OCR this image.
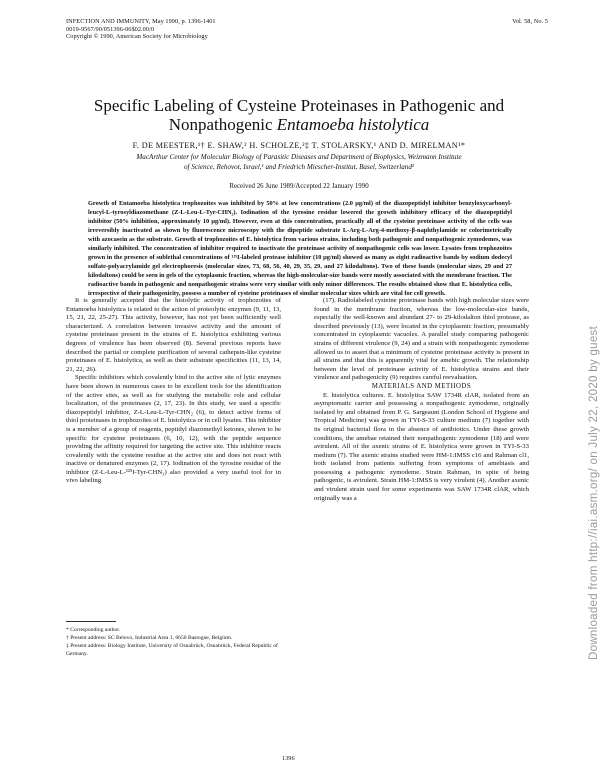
INFECTION AND IMMUNITY, May 1990, p. 1396-1401
0019-9567/90/051396-06$02.00/0
Copyright © 1990, American Society for Microbiology
Vol. 58, No. 5
Specific Labeling of Cysteine Proteinases in Pathogenic and
Nonpathogenic Entamoeba histolytica
F. DE MEESTER,¹† E. SHAW,² H. SCHOLZE,²‡ T. STOLARSKY,¹ AND D. MIRELMAN¹*
MacArthur Center for Molecular Biology of Parasitic Diseases and Department of Biophysics, Weizmann Institute
of Science, Rehovot, Israel,¹ and Friedrich Miescher-Institut, Basel, Switzerland²
Received 26 June 1989/Accepted 22 January 1990
Growth of Entamoeba histolytica trophozoites was inhibited by 50% at low concentrations (2.0 μg/ml) of the diazopeptidyl inhibitor benzyloxycarbonyl-leucyl-L-tyrosyldiazomethane (Z-L-Leu-L-Tyr-CHN₂). Iodination of the tyrosine residue lowered the growth inhibitory efficacy of the diazopeptidyl inhibitor (50% inhibition, approximately 10 μg/ml). However, even at this concentration, practically all of the cysteine proteinase activity of the cells was irreversibly inactivated as shown by fluorescence microscopy with the dipeptide substrate L-Arg-L-Arg-4-methoxy-β-naphthylamide or colorimetrically with azocasein as the substrate. Growth of trophozoites of E. histolytica from various strains, including both pathogenic and nonpathogenic zymodemes, was similarly inhibited. The concentration of inhibitor required to inactivate the proteinase activity of nonpathogenic cells was lower. Lysates from trophozoites grown in the presence of sublethal concentrations of ¹²⁵I-labeled protease inhibitor (10 μg/ml) showed as many as eight radioactive bands by sodium dodecyl sulfate-polyacrylamide gel electrophoresis (molecular sizes, 73, 68, 56, 40, 29, 35, 29, and 27 kilodaltons). Two of these bands (molecular sizes, 29 and 27 kilodaltons) could be seen in gels of the cytoplasmic fraction, whereas the high-molecular-size bands were mostly associated with the membrane fraction. The radioactive bands in pathogenic and nonpathogenic strains were very similar with only minor differences. The results obtained show that E. histolytica cells, irrespective of their pathogenicity, possess a number of cysteine proteinases of similar molecular sizes which are vital for cell growth.

It is generally accepted that the histolytic activity of trophozoites of Entamoeba histolytica is related to the action of proteolytic enzymes (9, 11, 13, 15, 21, 22, 25-27). This activity, however, has not yet been sufficiently well characterized. A correlation between invasive activity and the amount of cysteine proteinase present in the strains of E. histolytica exhibiting various degrees of virulence has been observed (8). Several previous reports have described the partial or complete purification of several cathepsin-like cysteine proteinases of E. histolytica, as well as their substrate specificities (11, 13, 14, 21, 22, 26).

Specific inhibitors which covalently bind to the active site of lytic enzymes have been shown in numerous cases to be excellent tools for the identification of the active sites, as well as for studying the metabolic role and cellular localization, of the proteinases (2, 17, 23). In this study, we used a specific diazopeptidyl inhibitor, Z-L-Leu-L-Tyr-CHN₂ (6), to detect active forms of thiol proteinases in trophozoites of E. histolytica or in cell lysates. This inhibitor is a member of a group of reagents, peptidyl diazomethyl ketones, shown to be specific for cysteine proteinases (6, 10, 12), with the peptide sequence providing the affinity required for targeting the active site. This inhibitor reacts covalently with the cysteine residue at the active site and does not react with inactive or denatured enzymes (2, 17). Iodination of the tyrosine residue of the inhibitor (Z-L-Leu-L-¹²⁵I-Tyr-CHN₂) also provided a very useful tool for in vivo labeling

(17). Radiolabeled cysteine proteinase bands with high molecular sizes were found in the membrane fraction, whereas the low-molecular-size bands, especially the well-known and abundant 27- to 29-kilodalton thiol protease, as described previously (13), were located in the cytoplasmic fraction, presumably concentrated in cytoplasmic vacuoles. A parallel study comparing pathogenic strains of different virulence (9, 24) and a strain with nonpathogenic zymodeme allowed us to assert that a minimum of cysteine proteinase activity is present in all strains and that this is apparently vital for amebic growth. The relationship between the level of proteinase activity of E. histolytica strains and their virulence and pathogenicity (9) requires careful reevaluation.

MATERIALS AND METHODS

E. histolytica cultures. E. histolytica SAW 1734R clAR, isolated from an asymptomatic carrier and possessing a nonpathogenic zymodeme, originally isolated by and obtained from P. G. Sargeaunt (London School of Hygiene and Tropical Medicine) was grown in TYI-S-33 culture medium (7) together with its original bacterial flora in the absence of antibiotics. Under these growth conditions, the amebae retained their nonpathogenic zymodeme (18) and were avirulent. All of the axenic strains of E. histolytica were grown in TYI-S-33 medium (7). The axenic strains studied were HM-1:IMSS c16 and Rahman cl1, both isolated from patients suffering from symptoms of amebiasis and possessing a pathogenic zymodeme. Strain Rahman, in spite of being pathogenic, is avirulent. Strain HM-1:IMSS is very virulent (4). Another axenic and virulent strain used for some experiments was SAW 1734R clAR, which originally was a

* Corresponding author.
† Present address: SC Belovo, Industrial Area 1, 6650 Bastogne, Belgium.
‡ Present address: Biology Institute, University of Osnabrück, Osnabrück, Federal Republic of Germany.
1396
Downloaded from http://iai.asm.org/ on July 22, 2020 by guest
